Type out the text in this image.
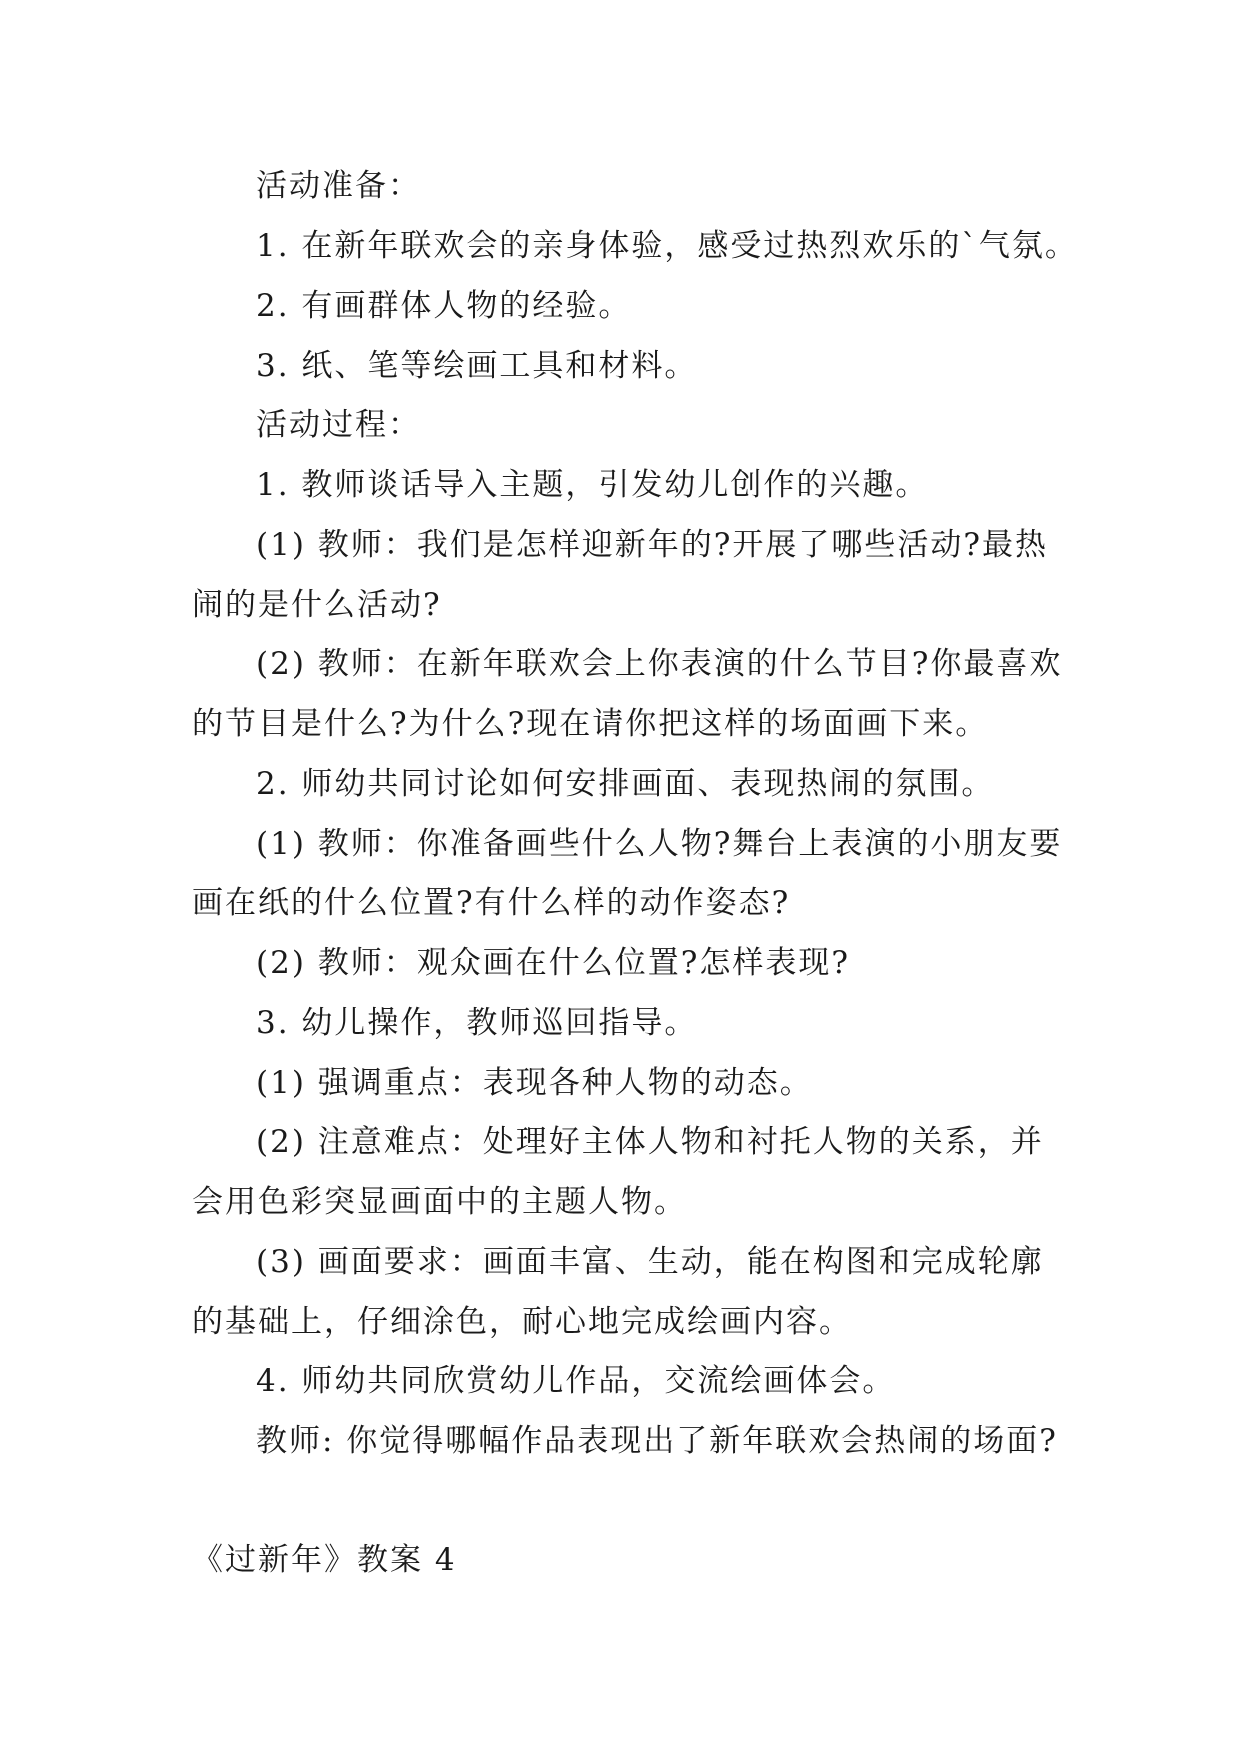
活动准备：
1. 在新年联欢会的亲身体验，感受过热烈欢乐的`气氛。
2. 有画群体人物的经验。
3. 纸、笔等绘画工具和材料。
活动过程：
1. 教师谈话导入主题，引发幼儿创作的兴趣。
(1) 教师：我们是怎样迎新年的?开展了哪些活动?最热
闹的是什么活动?
(2) 教师：在新年联欢会上你表演的什么节目?你最喜欢
的节目是什么?为什么?现在请你把这样的场面画下来。
2. 师幼共同讨论如何安排画面、表现热闹的氛围。
(1) 教师：你准备画些什么人物?舞台上表演的小朋友要
画在纸的什么位置?有什么样的动作姿态?
(2) 教师：观众画在什么位置?怎样表现?
3. 幼儿操作，教师巡回指导。
(1) 强调重点：表现各种人物的动态。
(2) 注意难点：处理好主体人物和衬托人物的关系，并
会用色彩突显画面中的主题人物。
(3) 画面要求：画面丰富、生动，能在构图和完成轮廓
的基础上，仔细涂色，耐心地完成绘画内容。
4. 师幼共同欣赏幼儿作品，交流绘画体会。
教师: 你觉得哪幅作品表现出了新年联欢会热闹的场面?
《过新年》教案 4
